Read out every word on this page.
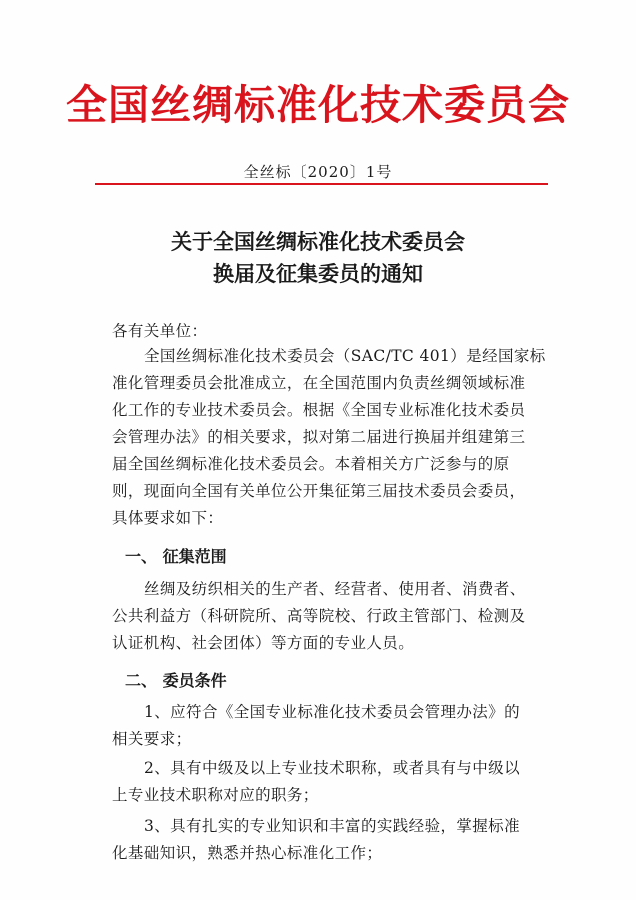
全国丝绸标准化技术委员会
全丝标〔2020〕1号
关于全国丝绸标准化技术委员会
换届及征集委员的通知
各有关单位：
全国丝绸标准化技术委员会（SAC/TC 401）是经国家标
准化管理委员会批准成立，在全国范围内负责丝绸领域标准
化工作的专业技术委员会。根据《全国专业标准化技术委员
会管理办法》的相关要求，拟对第二届进行换届并组建第三
届全国丝绸标准化技术委员会。本着相关方广泛参与的原
则，现面向全国有关单位公开集征第三届技术委员会委员，
具体要求如下：
一、 征集范围
丝绸及纺织相关的生产者、经营者、使用者、消费者、
公共利益方（科研院所、高等院校、行政主管部门、检测及
认证机构、社会团体）等方面的专业人员。
二、 委员条件
1、应符合《全国专业标准化技术委员会管理办法》的
相关要求；
2、具有中级及以上专业技术职称，或者具有与中级以
上专业技术职称对应的职务；
3、具有扎实的专业知识和丰富的实践经验，掌握标准
化基础知识，熟悉并热心标准化工作；
